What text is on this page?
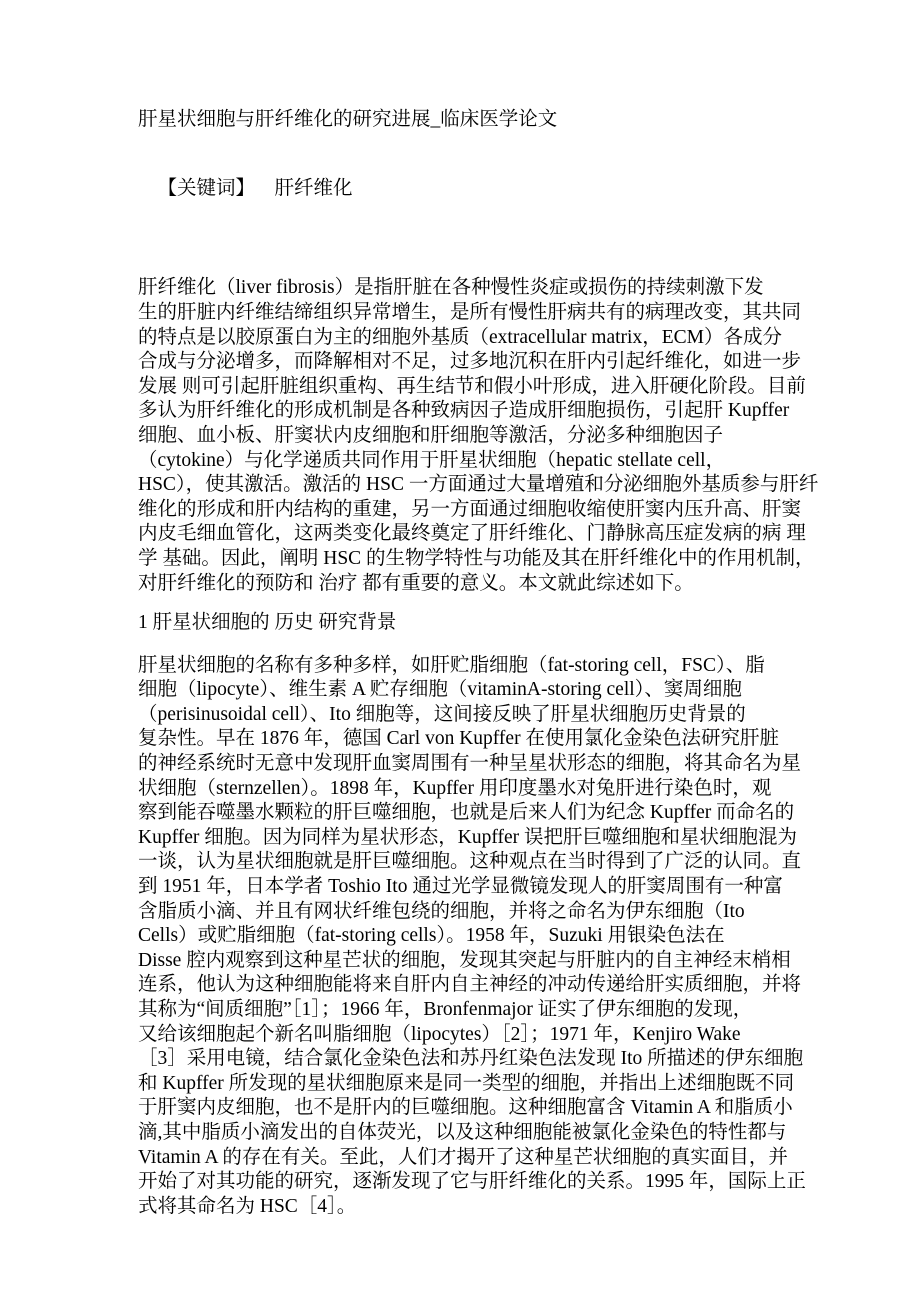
肝星状细胞与肝纤维化的研究进展_临床医学论文

【关键词】 肝纤维化

肝纤维化（liver fibrosis）是指肝脏在各种慢性炎症或损伤的持续刺激下发
生的肝脏内纤维结缔组织异常增生，是所有慢性肝病共有的病理改变，其共同
的特点是以胶原蛋白为主的细胞外基质（extracellular matrix，ECM）各成分
合成与分泌增多，而降解相对不足，过多地沉积在肝内引起纤维化，如进一步
发展 则可引起肝脏组织重构、再生结节和假小叶形成，进入肝硬化阶段。目前
多认为肝纤维化的形成机制是各种致病因子造成肝细胞损伤，引起肝 Kupffer
细胞、血小板、肝窦状内皮细胞和肝细胞等激活，分泌多种细胞因子
（cytokine）与化学递质共同作用于肝星状细胞（hepatic stellate cell，
HSC），使其激活。激活的 HSC 一方面通过大量增殖和分泌细胞外基质参与肝纤
维化的形成和肝内结构的重建，另一方面通过细胞收缩使肝窦内压升高、肝窦
内皮毛细血管化，这两类变化最终奠定了肝纤维化、门静脉高压症发病的病 理
学 基础。因此，阐明 HSC 的生物学特性与功能及其在肝纤维化中的作用机制，
对肝纤维化的预防和 治疗 都有重要的意义。本文就此综述如下。
1 肝星状细胞的 历史 研究背景
肝星状细胞的名称有多种多样，如肝贮脂细胞（fat-storing cell，FSC）、脂
细胞（lipocyte）、维生素 A 贮存细胞（vitaminA-storing cell）、窦周细胞
（perisinusoidal cell）、Ito 细胞等，这间接反映了肝星状细胞历史背景的
复杂性。早在 1876 年，德国 Carl von Kupffer 在使用氯化金染色法研究肝脏
的神经系统时无意中发现肝血窦周围有一种呈星状形态的细胞，将其命名为星
状细胞（sternzellen）。1898 年，Kupffer 用印度墨水对兔肝进行染色时，观
察到能吞噬墨水颗粒的肝巨噬细胞，也就是后来人们为纪念 Kupffer 而命名的
Kupffer 细胞。因为同样为星状形态，Kupffer 误把肝巨噬细胞和星状细胞混为
一谈，认为星状细胞就是肝巨噬细胞。这种观点在当时得到了广泛的认同。直
到 1951 年，日本学者 Toshio Ito 通过光学显微镜发现人的肝窦周围有一种富
含脂质小滴、并且有网状纤维包绕的细胞，并将之命名为伊东细胞（Ito
Cells）或贮脂细胞（fat-storing cells）。1958 年，Suzuki 用银染色法在
Disse 腔内观察到这种星芒状的细胞，发现其突起与肝脏内的自主神经末梢相
连系，他认为这种细胞能将来自肝内自主神经的冲动传递给肝实质细胞，并将
其称为“间质细胞”［1］；1966 年，Bronfenmajor 证实了伊东细胞的发现，
又给该细胞起个新名叫脂细胞（lipocytes）［2］；1971 年，Kenjiro Wake
［3］采用电镜，结合氯化金染色法和苏丹红染色法发现 Ito 所描述的伊东细胞
和 Kupffer 所发现的星状细胞原来是同一类型的细胞，并指出上述细胞既不同
于肝窦内皮细胞，也不是肝内的巨噬细胞。这种细胞富含 Vitamin A 和脂质小
滴,其中脂质小滴发出的自体荧光，以及这种细胞能被氯化金染色的特性都与
Vitamin A 的存在有关。至此，人们才揭开了这种星芒状细胞的真实面目，并
开始了对其功能的研究，逐渐发现了它与肝纤维化的关系。1995 年，国际上正
式将其命名为 HSC［4］。
